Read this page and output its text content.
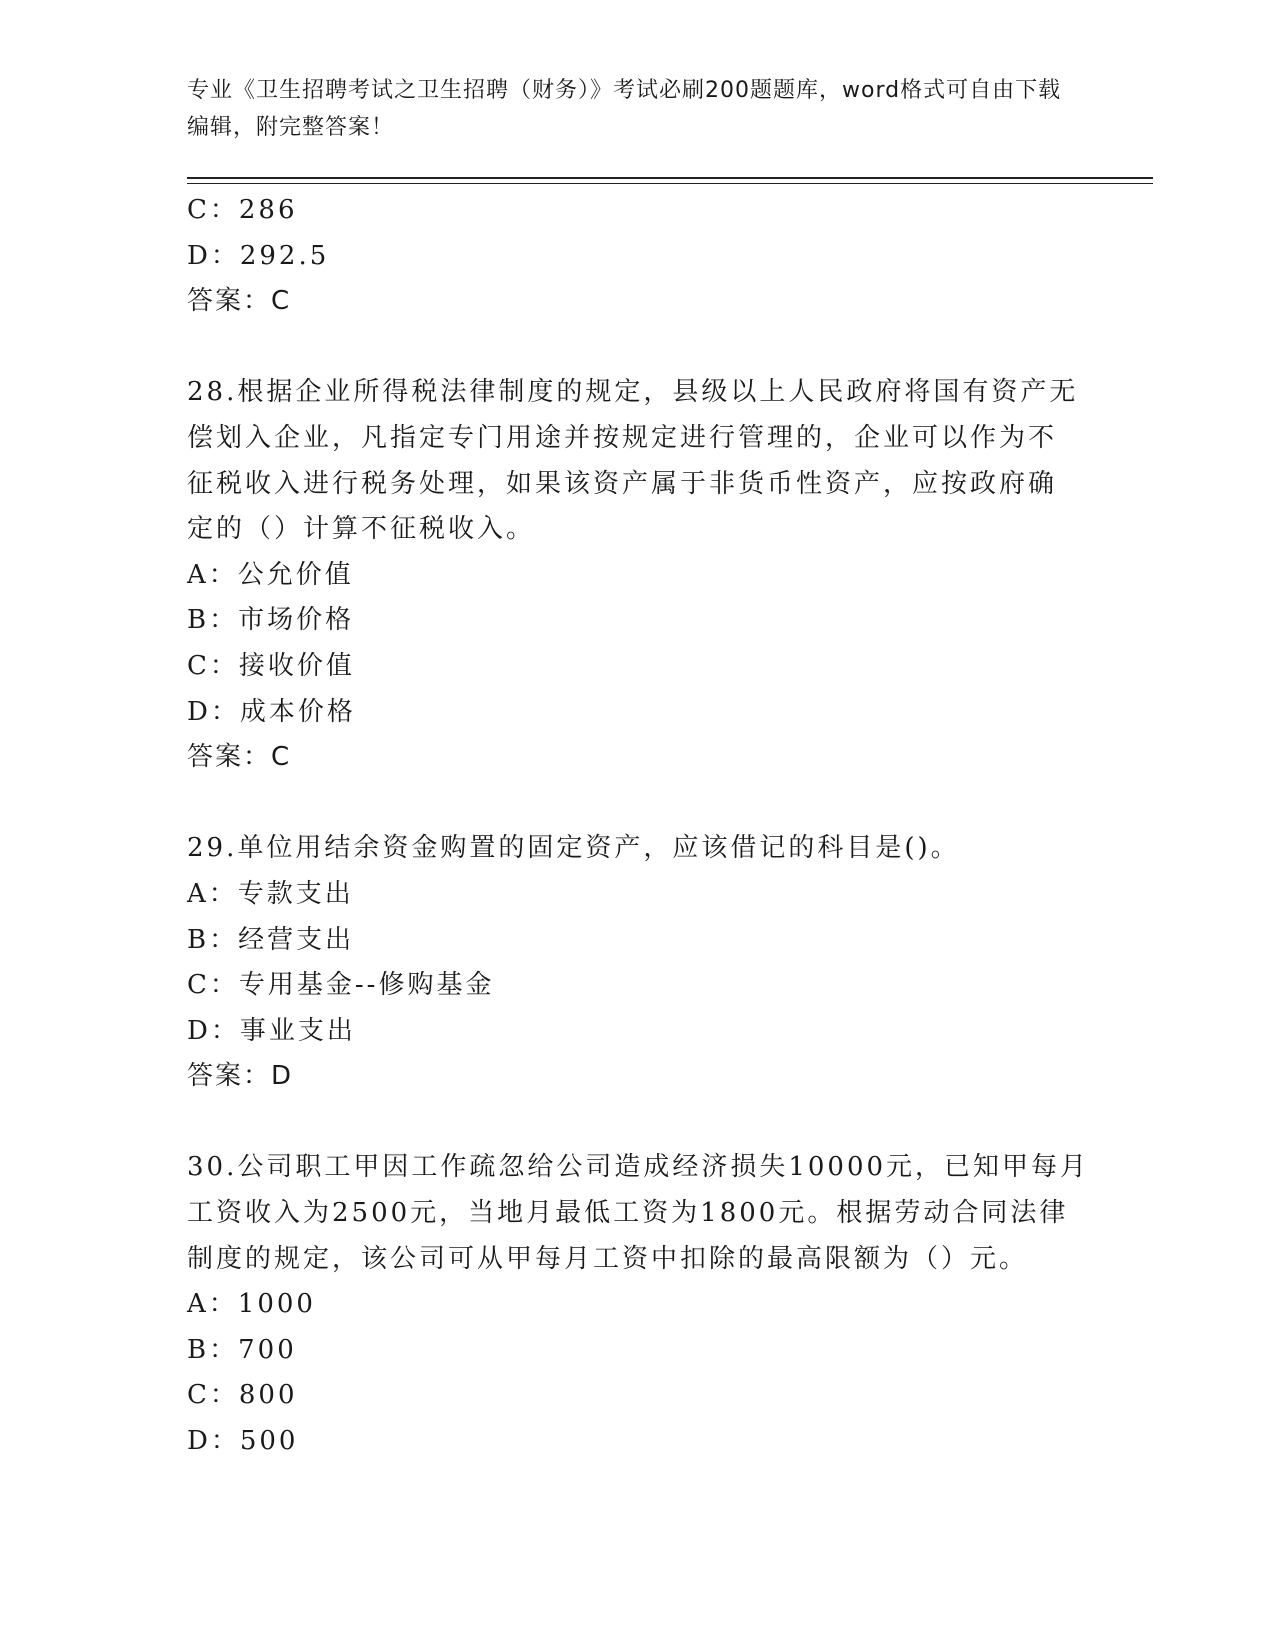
专业《卫生招聘考试之卫生招聘（财务）》考试必刷200题题库，word格式可自由下载编辑，附完整答案！
C：286
D：292.5
答案：C
28.根据企业所得税法律制度的规定，县级以上人民政府将国有资产无
偿划入企业，凡指定专门用途并按规定进行管理的，企业可以作为不
征税收入进行税务处理，如果该资产属于非货币性资产，应按政府确
定的（）计算不征税收入。
A：公允价值
B：市场价格
C：接收价值
D：成本价格
答案：C
29.单位用结余资金购置的固定资产，应该借记的科目是()。
A：专款支出
B：经营支出
C：专用基金--修购基金
D：事业支出
答案：D
30.公司职工甲因工作疏忽给公司造成经济损失10000元，已知甲每月
工资收入为2500元，当地月最低工资为1800元。根据劳动合同法律
制度的规定，该公司可从甲每月工资中扣除的最高限额为（）元。
A：1000
B：700
C：800
D：500
